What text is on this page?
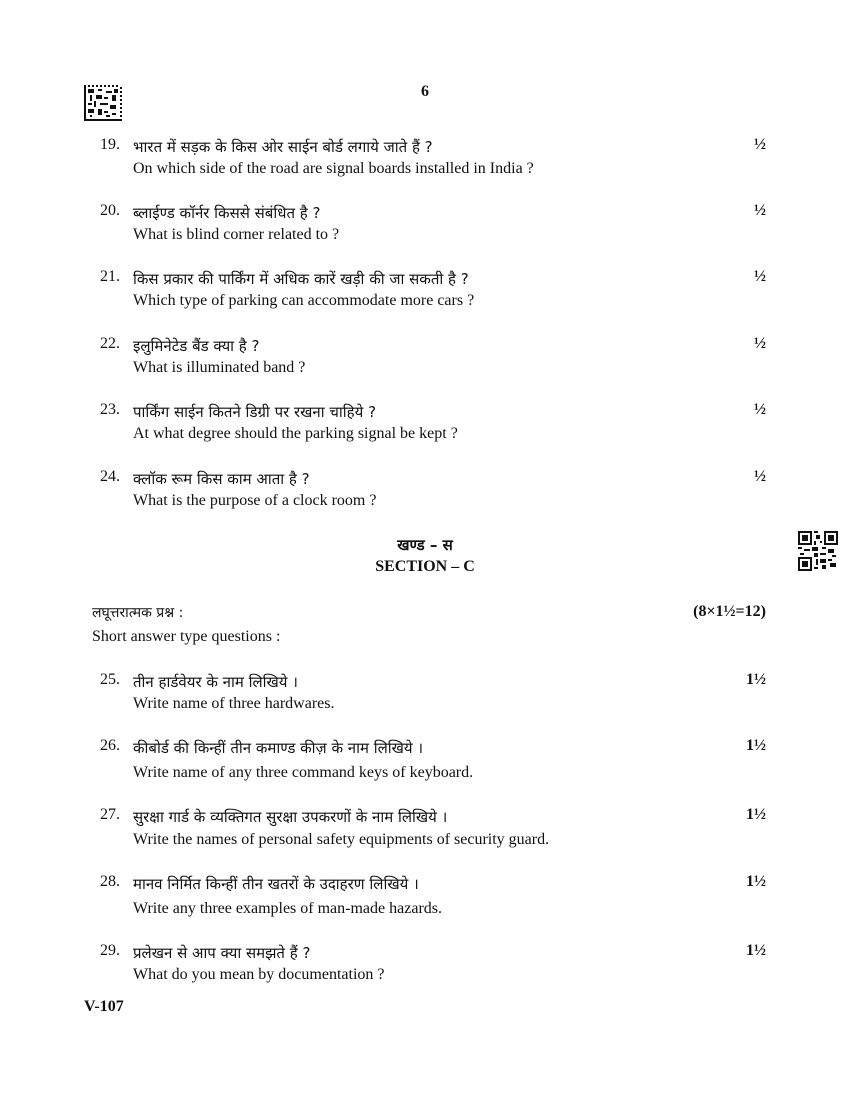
6
19. भारत में सड़क के किस ओर साईन बोर्ड लगाये जाते हैं ?
On which side of the road are signal boards installed in India ?
½
20. ब्लाईण्ड कॉर्नर किससे संबंधित है ?
What is blind corner related to ?
½
21. किस प्रकार की पार्किंग में अधिक कारें खड़ी की जा सकती है ?
Which type of parking can accommodate more cars ?
½
22. इलुमिनेटेड बैंड क्या है ?
What is illuminated band ?
½
23. पार्किंग साईन कितने डिग्री पर रखना चाहिये ?
At what degree should the parking signal be kept ?
½
24. क्लॉक रूम किस काम आता है ?
What is the purpose of a clock room ?
½
खण्ड – स
SECTION – C
लघूत्तरात्मक प्रश्न :
Short answer type questions :
(8×1½=12)
25. तीन हार्डवेयर के नाम लिखिये ।
Write name of three hardwares.
1½
26. कीबोर्ड की किन्हीं तीन कमाण्ड कीज़ के नाम लिखिये ।
Write name of any three command keys of keyboard.
1½
27. सुरक्षा गार्ड के व्यक्तिगत सुरक्षा उपकरणों के नाम लिखिये ।
Write the names of personal safety equipments of security guard.
1½
28. मानव निर्मित किन्हीं तीन खतरों के उदाहरण लिखिये ।
Write any three examples of man-made hazards.
1½
29. प्रलेखन से आप क्या समझते हैं ?
What do you mean by documentation ?
1½
V-107
